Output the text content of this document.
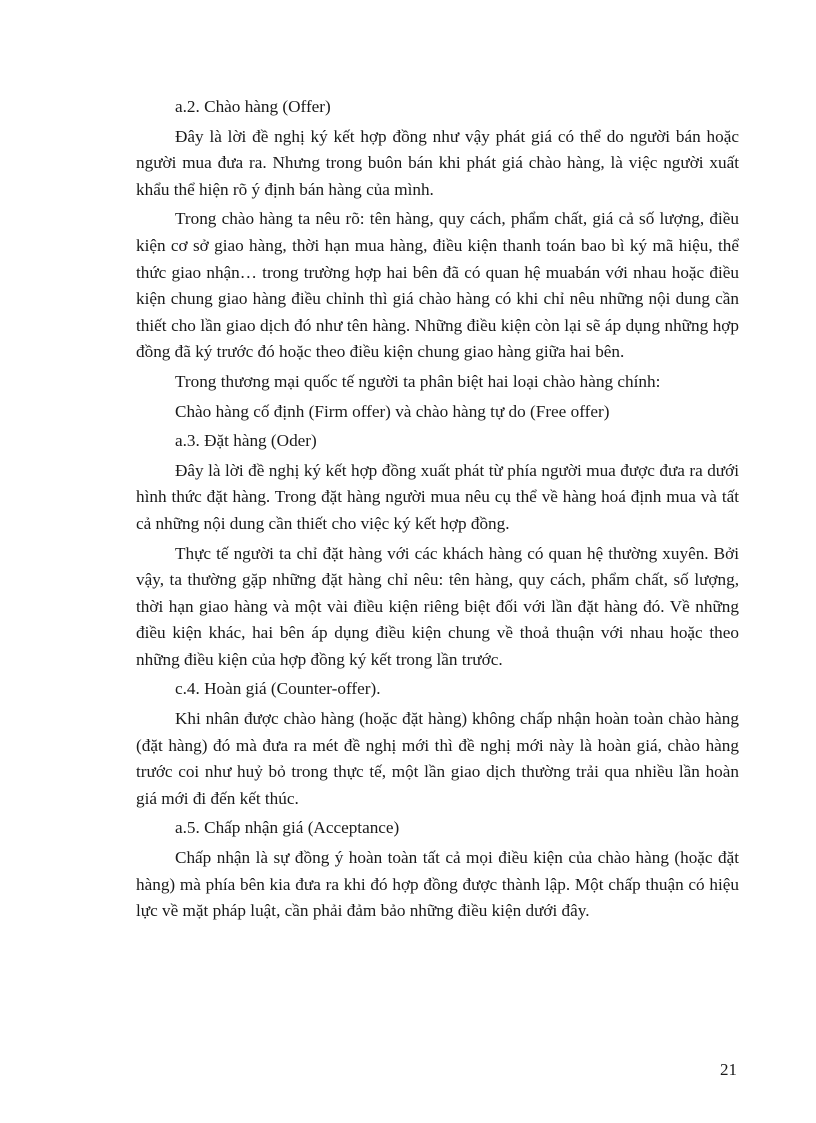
a.2. Chào hàng (Offer)

Đây là lời đề nghị ký kết hợp đồng như vậy phát giá có thể do người bán hoặc người mua đưa ra. Nhưng trong buôn bán khi phát giá chào hàng, là việc người xuất khẩu thể hiện rõ ý định bán hàng của mình.

Trong chào hàng ta nêu rõ: tên hàng, quy cách, phẩm chất, giá cả số lượng, điều kiện cơ sở giao hàng, thời hạn mua hàng, điều kiện thanh toán bao bì ký mã hiệu, thể thức giao nhận… trong trường hợp hai bên đã có quan hệ muabán với nhau hoặc điều kiện chung giao hàng điều chỉnh thì giá chào hàng có khi chỉ nêu những nội dung cần thiết cho lần giao dịch đó như tên hàng. Những điều kiện còn lại sẽ áp dụng những hợp đồng đã ký trước đó hoặc theo điều kiện chung giao hàng giữa hai bên.

Trong thương mại quốc tế người ta phân biệt hai loại chào hàng chính:

Chào hàng cố định (Firm offer) và chào hàng tự do (Free offer)

a.3. Đặt hàng (Oder)

Đây là lời đề nghị ký kết hợp đồng xuất phát từ phía người mua được đưa ra dưới hình thức đặt hàng. Trong đặt hàng người mua nêu cụ thể về hàng hoá định mua và tất cả những nội dung cần thiết cho việc ký kết hợp đồng.

Thực tế người ta chỉ đặt hàng với các khách hàng có quan hệ thường xuyên. Bởi vậy, ta thường gặp những đặt hàng chỉ nêu: tên hàng, quy cách, phẩm chất, số lượng, thời hạn giao hàng và một vài điều kiện riêng biệt đối với lần đặt hàng đó. Về những điều kiện khác, hai bên áp dụng điều kiện chung về thoả thuận với nhau hoặc theo những điều kiện của hợp đồng ký kết trong lần trước.

c.4. Hoàn giá (Counter-offer).

Khi nhân được chào hàng (hoặc đặt hàng) không chấp nhận hoàn toàn chào hàng (đặt hàng) đó mà đưa ra mét đề nghị mới thì đề nghị mới này là hoàn giá, chào hàng trước coi như huỷ bỏ trong thực tế, một lần giao dịch thường trải qua nhiều lần hoàn giá mới đi đến kết thúc.

a.5. Chấp nhận giá (Acceptance)

Chấp nhận là sự đồng ý hoàn toàn tất cả mọi điều kiện của chào hàng (hoặc đặt hàng) mà phía bên kia đưa ra khi đó hợp đồng được thành lập. Một chấp thuận có hiệu lực về mặt pháp luật, cần phải đảm bảo những điều kiện dưới đây.

21
